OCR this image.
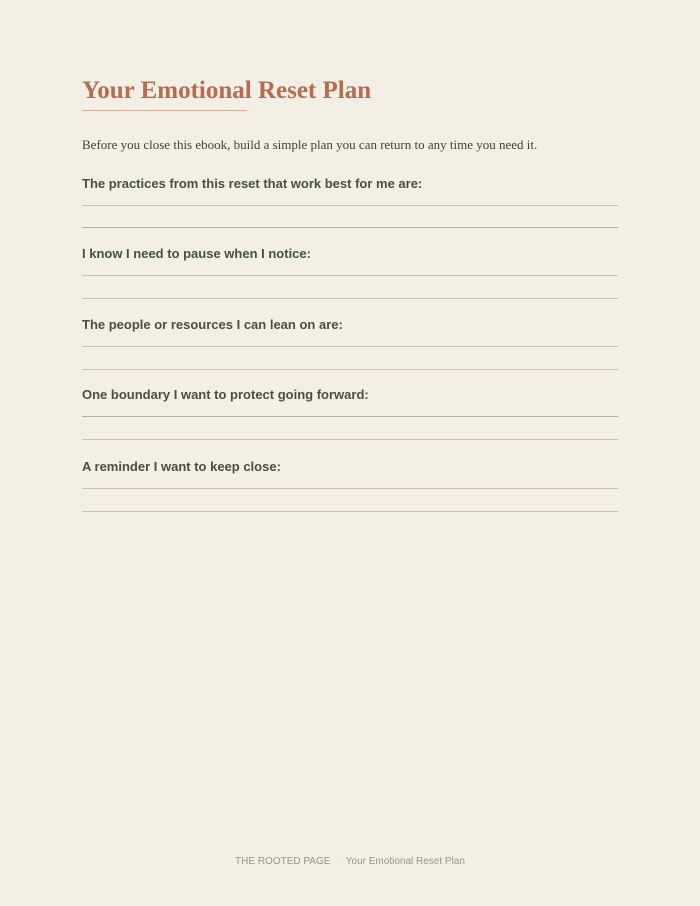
Your Emotional Reset Plan

Before you close this ebook, build a simple plan you can return to any time you need it.

The practices from this reset that work best for me are:
I know I need to pause when I notice:
The people or resources I can lean on are:
One boundary I want to protect going forward:
A reminder I want to keep close:
THE ROOTED PAGE · Your Emotional Reset Plan
